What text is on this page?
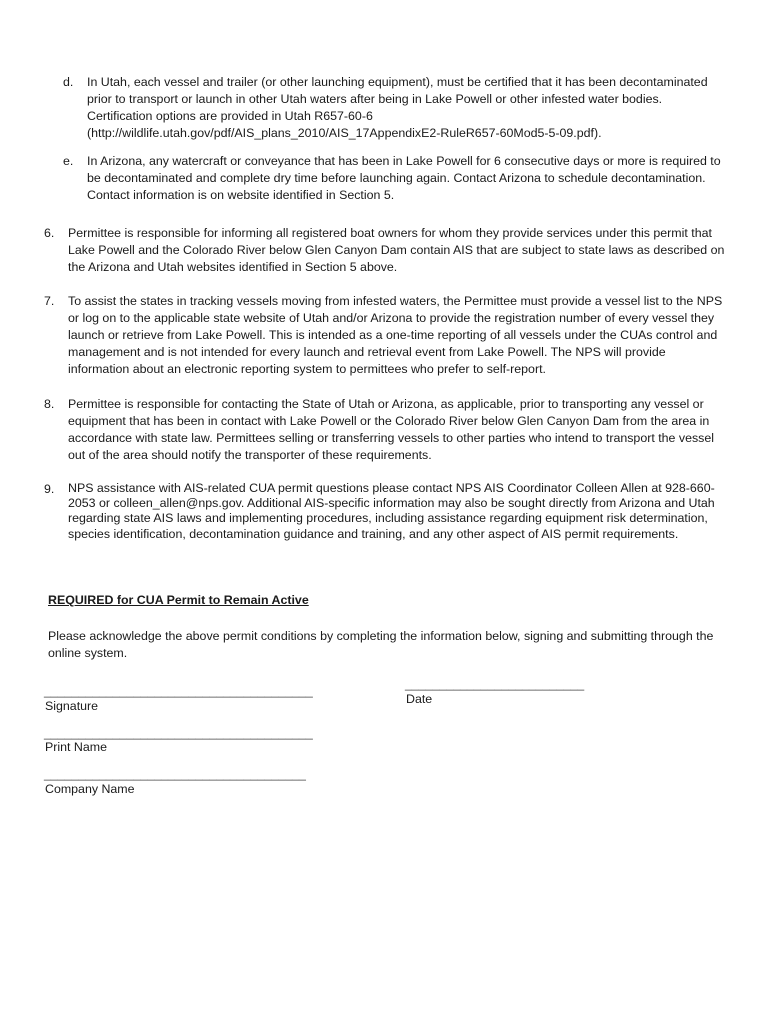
d. In Utah, each vessel and trailer (or other launching equipment), must be certified that it has been decontaminated prior to transport or launch in other Utah waters after being in Lake Powell or other infested water bodies. Certification options are provided in Utah R657-60-6 (http://wildlife.utah.gov/pdf/AIS_plans_2010/AIS_17AppendixE2-RuleR657-60Mod5-5-09.pdf).
e. In Arizona, any watercraft or conveyance that has been in Lake Powell for 6 consecutive days or more is required to be decontaminated and complete dry time before launching again. Contact Arizona to schedule decontamination. Contact information is on website identified in Section 5.
6. Permittee is responsible for informing all registered boat owners for whom they provide services under this permit that Lake Powell and the Colorado River below Glen Canyon Dam contain AIS that are subject to state laws as described on the Arizona and Utah websites identified in Section 5 above.
7. To assist the states in tracking vessels moving from infested waters, the Permittee must provide a vessel list to the NPS or log on to the applicable state website of Utah and/or Arizona to provide the registration number of every vessel they launch or retrieve from Lake Powell. This is intended as a one-time reporting of all vessels under the CUAs control and management and is not intended for every launch and retrieval event from Lake Powell. The NPS will provide information about an electronic reporting system to permittees who prefer to self-report.
8. Permittee is responsible for contacting the State of Utah or Arizona, as applicable, prior to transporting any vessel or equipment that has been in contact with Lake Powell or the Colorado River below Glen Canyon Dam from the area in accordance with state law. Permittees selling or transferring vessels to other parties who intend to transport the vessel out of the area should notify the transporter of these requirements.
9. NPS assistance with AIS-related CUA permit questions please contact NPS AIS Coordinator Colleen Allen at 928-660-2053 or colleen_allen@nps.gov. Additional AIS-specific information may also be sought directly from Arizona and Utah regarding state AIS laws and implementing procedures, including assistance regarding equipment risk determination, species identification, decontamination guidance and training, and any other aspect of AIS permit requirements.
REQUIRED for CUA Permit to Remain Active
Please acknowledge the above permit conditions by completing the information below, signing and submitting through the online system.
_______________________________________
Signature
__________________________
Date
_______________________________________
Print Name
______________________________________
Company Name
